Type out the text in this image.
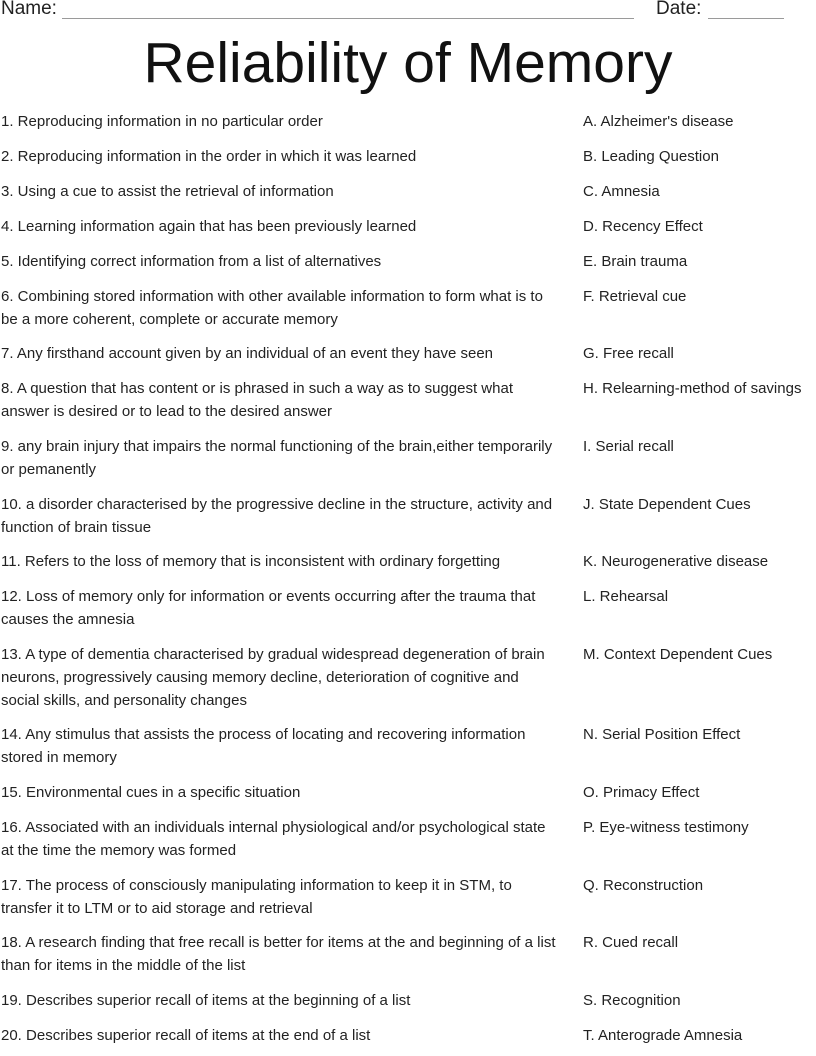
Name:	Date:
Reliability of Memory

1. Reproducing information in no particular order

2. Reproducing information in the order in which it was learned

3. Using a cue to assist the retrieval of information

4. Learning information again that has been previously learned

5. Identifying correct information from a list of alternatives

6. Combining stored information with other available information to form what is to be a more coherent, complete or accurate memory

7. Any firsthand account given by an individual of an event they have seen

8. A question that has content or is phrased in such a way as to suggest what answer is desired or to lead to the desired answer

9. any brain injury that impairs the normal functioning of the brain,either temporarily or pemanently

10. a disorder characterised by the progressive decline in the structure, activity and function of brain tissue

11. Refers to the loss of memory that is inconsistent with ordinary forgetting

12. Loss of memory only for information or events occurring after the trauma that causes the amnesia

13. A type of dementia characterised by gradual widespread degeneration of brain neurons, progressively causing memory decline, deterioration of cognitive and social skills, and personality changes

14. Any stimulus that assists the process of locating and recovering information stored in memory

15. Environmental cues in a specific situation

16. Associated with an individuals internal physiological and/or psychological state at the time the memory was formed

17. The process of consciously manipulating information to keep it in STM, to transfer it to LTM or to aid storage and retrieval

18. A research finding that free recall is better for items at the and beginning of a list than for items in the middle of the list

19. Describes superior recall of items at the beginning of a list

20. Describes superior recall of items at the end of a list

A. Alzheimer's disease

B. Leading Question

C. Amnesia

D. Recency Effect

E. Brain trauma

F. Retrieval cue

G. Free recall

H. Relearning-method of savings

I. Serial recall

J. State Dependent Cues

K. Neurogenerative disease

L. Rehearsal

M. Context Dependent Cues

N. Serial Position Effect

O. Primacy Effect

P. Eye-witness testimony

Q. Reconstruction

R. Cued recall

S. Recognition

T. Anterograde Amnesia
